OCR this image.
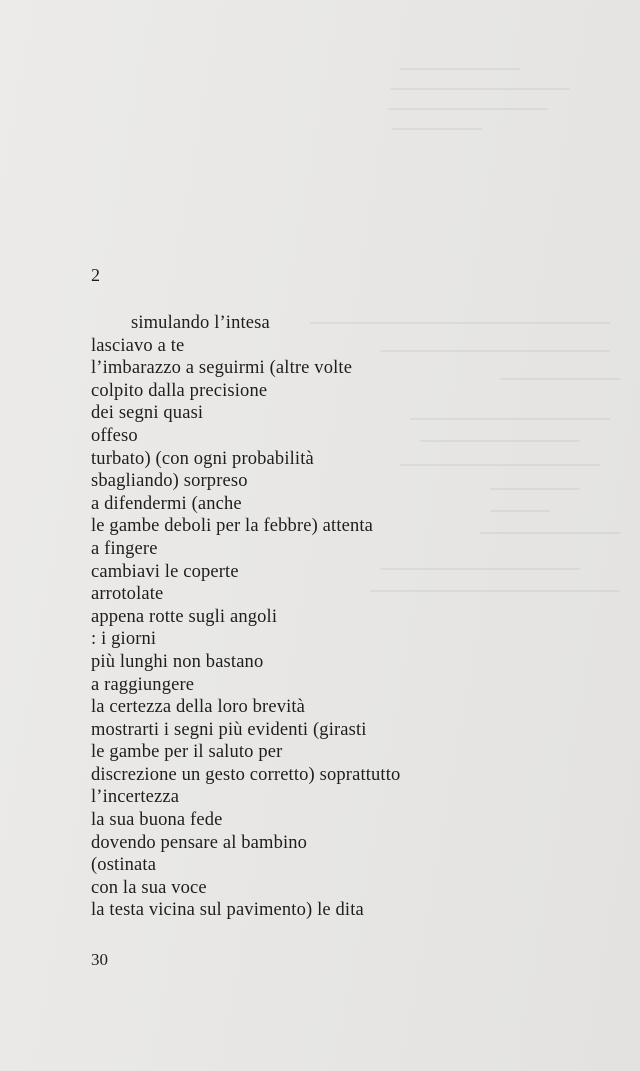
2
simulando l’intesa
lasciavo a te
l’imbarazzo a seguirmi (altre volte
colpito dalla precisione
dei segni quasi
offeso
turbato) (con ogni probabilità
sbagliando) sorpreso
a difendermi (anche
le gambe deboli per la febbre) attenta
a fingere
cambiavi le coperte
arrotolate
appena rotte sugli angoli
: i giorni
più lunghi non bastano
a raggiungere
la certezza della loro brevità
mostrarti i segni più evidenti (girasti
le gambe per il saluto per
discrezione un gesto corretto) soprattutto
l’incertezza
la sua buona fede
dovendo pensare al bambino
(ostinata
con la sua voce
la testa vicina sul pavimento) le dita
30
